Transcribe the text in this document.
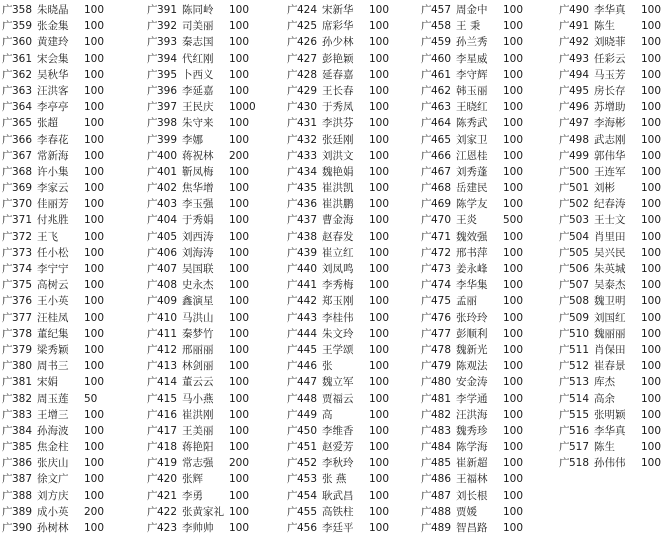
广358 朱晓晶 100
广359 张金集 100
广360 黄建玲 100
广361 宋会集 100
广362 吴秋华 100
广363 汪洪客 100
广364 李亭亭 100
广365 张超 100
广366 李春花 100
广367 常新海 100
广368 许小集 100
广369 李家云 100
广370 佳丽芳 100
广371 付兆胜 100
广372 王飞 100
广373 任小松 100
广374 李宁宁 100
广375 高树云 100
广376 王小英 100
广377 汪桂凤 100
广378 董纪集 100
广379 梁秀颖 100
广380 周书三 100
广381 宋娟 100
广382 周玉莲 50
广383 王增三 100
广384 孙海波 100
广385 焦金柱 100
广386 张庆山 100
广387 徐文广 100
广388 刘方庆 100
广389 成小英 200
广390 孙树林 100
广391 陈同岭 100
广392 司美丽 100
广393 秦志国 100
广394 代红刚 100
广395 卜西义 100
广396 李延嘉 100
广397 王民庆 1000
广398 朱守来 100
广399 李娜 100
广400 蒋祝林 200
广401 靳凤梅 100
广402 焦华增 100
广403 李玉强 100
广404 于秀娟 100
广405 刘西涛 100
广406 刘海涛 100
广407 吴国联 100
广408 史永杰 100
广409 鑫演星 100
广410 马洪山 100
广411 秦梦竹 100
广412 邢丽丽 100
广413 林剑丽 100
广414 董云云 100
广415 马小燕 100
广416 崔洪刚 100
广417 王美丽 100
广418 蒋艳阳 100
广419 常志强 200
广420 张辉 100
广421 李勇 100
广422 张黄家礼 100
广423 李帅帅 100
广424 宋新华 100
广425 席彩华 100
广426 孙少林 100
广427 彭艳颖 100
广428 延春嘉 100
广429 王长春 100
广430 于秀凤 100
广431 李洪芬 100
广432 张廷刚 100
广433 刘洪文 100
广434 魏艳娟 100
广435 崔洪凯 100
广436 崔洪鹏 100
广437 曹金海 100
广438 赵春发 100
广439 崔立红 100
广440 刘凤鸣 100
广441 李秀梅 100
广442 郑玉刚 100
广443 李桂伟 100
广444 朱文玲 100
广445 王学颂 100
广446 张	100
广447 魏立军 100
广448 贾福云 100
广449 高	100
广450 李维香 100
广451 赵爱芳 100
广452 李秋玲 100
广453 张 燕 100
广454 耿武昌 100
广455 高铁柱 100
广456 李廷平 100
广457 周金中 100
广458 王 秉 100
广459 孙兰秀 100
广460 李星威 100
广461 李守辉 100
广462 韩玉丽 100
广463 王晓红 100
广464 陈秀武 100
广465 刘家卫 100
广466 江恩桂 100
广467 刘秀蓬 100
广468 岳建民 100
广469 陈学友 100
广470 王炎 500
广471 魏效强 100
广472 邢书萍 100
广473 姜永峰 100
广474 李华集 100
广475 孟丽 100
广476 张玲玲 100
广477 彭顺利 100
广478 魏新光 100
广479 陈观法 100
广480 安金涛 100
广481 李学通 100
广482 汪洪海 100
广483 魏秀珍 100
广484 陈学海 100
广485 崔新超 100
广486 王福林 100
广487 刘长根 100
广488 贾媛 100
广489 智昌路 100
广490 李华真 100
广491 陈生 100
广492 刘晓菲 100
广493 任彩云 100
广494 马玉芳 100
广495 房长存 100
广496 苏增助 100
广497 李海彬 100
广498 武志刚 100
广499 郭伟华 100
广500 王连军 100
广501 刘彬 100
广502 纪春涛 100
广503 王士文 100
广504 肖里田 100
广505 吴兴民 100
广506 朱英城 100
广507 吴泰杰 100
广508 魏卫明 100
广509 刘国红 100
广510 魏丽丽 100
广511 肖保田 100
广512 崔春景 100
广513 库杰 100
广514 高余 100
广515 张明颖 100
广516 李华真 100
广517 陈生 100
广518 孙伟伟 100
